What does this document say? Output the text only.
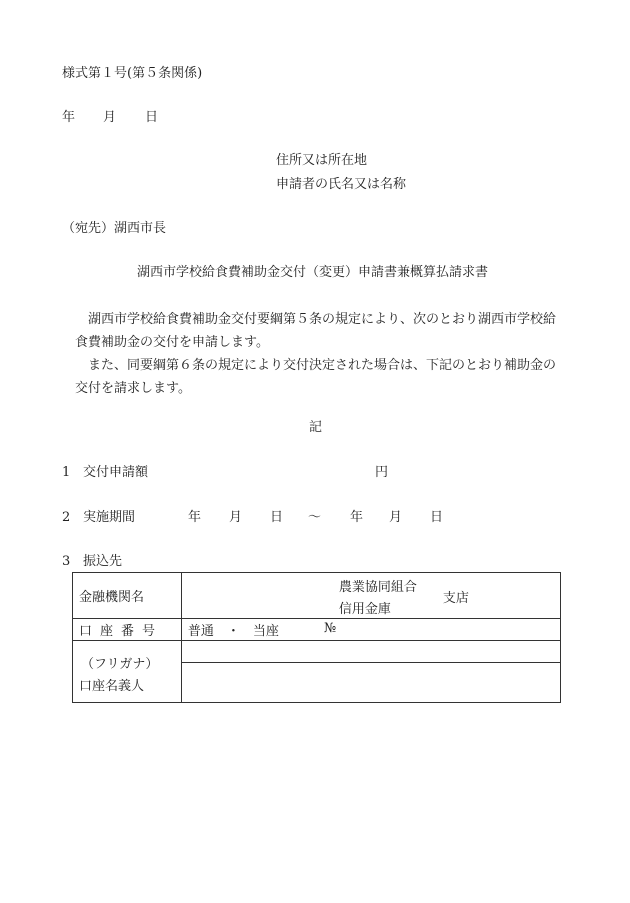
様式第１号(第５条関係)
年 月 日
住所又は所在地
申請者の氏名又は名称
（宛先）湖西市長
湖西市学校給食費補助金交付（変更）申請書兼概算払請求書

湖西市学校給食費補助金交付要綱第５条の規定により、次のとおり湖西市学校給

食費補助金の交付を申請します。

また、同要綱第６条の規定により交付決定された場合は、下記のとおり補助金の

交付を請求します。

記
1 交付申請額	円
2 実施期間	年 月 日 ～ 年 月 日
3 振込先
金融機関名	農業協同組合
信用金庫
支店

口座番号	普通　・　当座 №

（フリガナ）
口座名義人	
